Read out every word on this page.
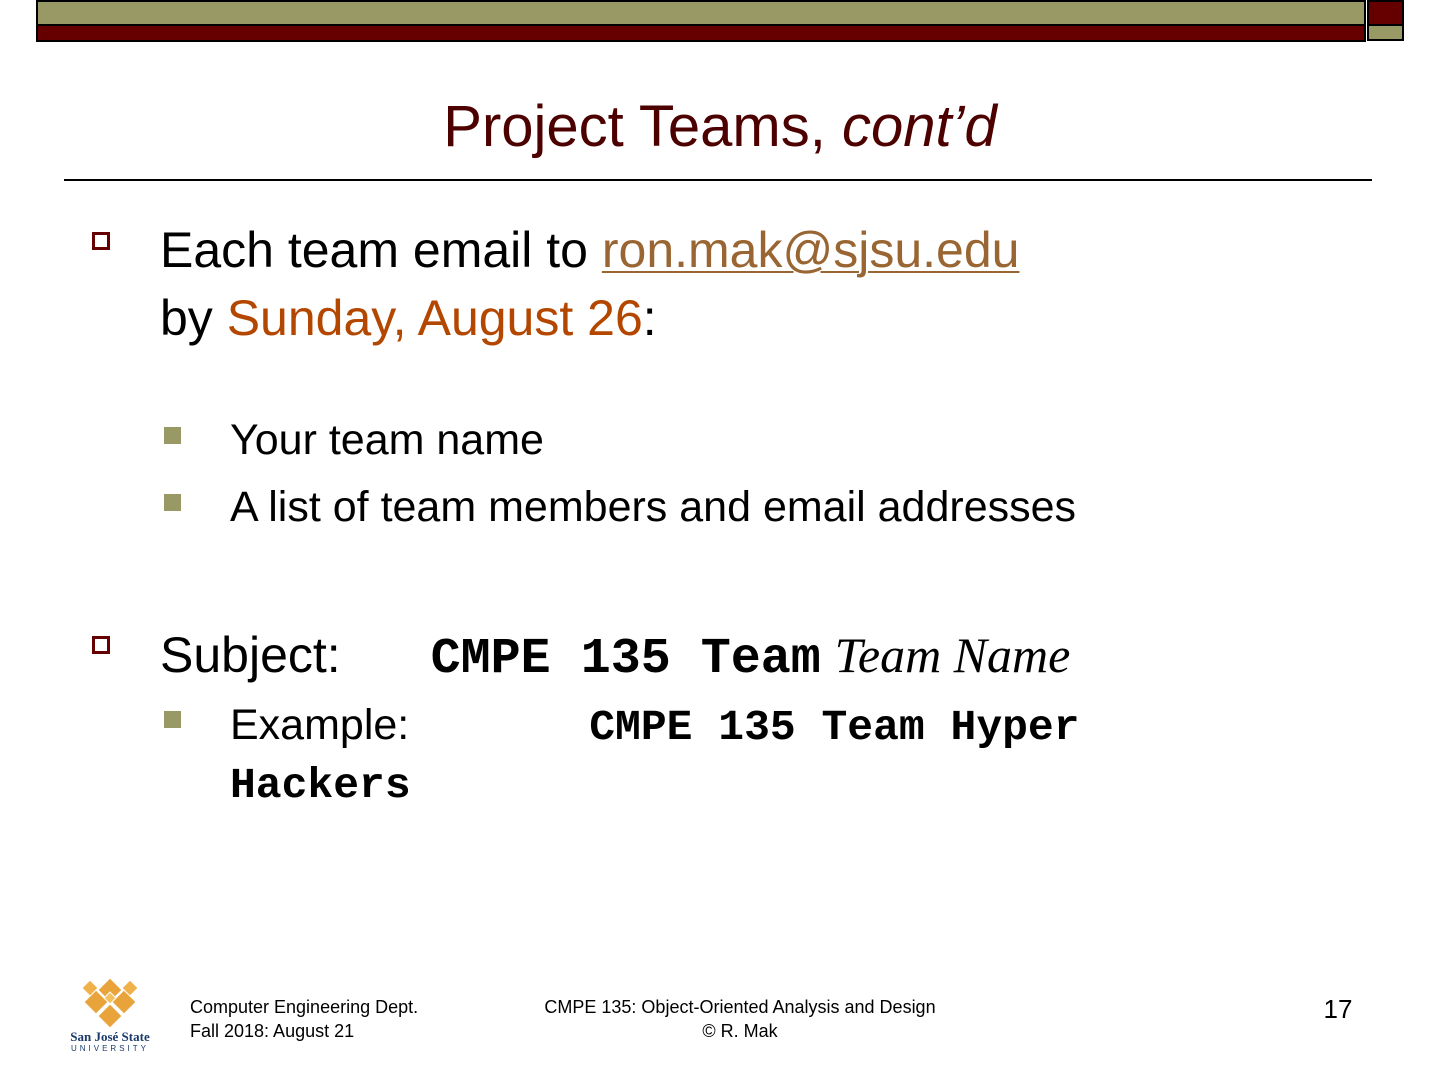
Project Teams, cont’d
Each team email to ron.mak@sjsu.edu
by Sunday, August 26:
Your team name
A list of team members and email addresses
Subject: CMPE 135 Team Team Name
Example:	CMPE 135 Team Hyper
Hackers
San José State
UNIVERSITY
Computer Engineering Dept.
Fall 2018: August 21
CMPE 135: Object-Oriented Analysis and Design
© R. Mak
17
